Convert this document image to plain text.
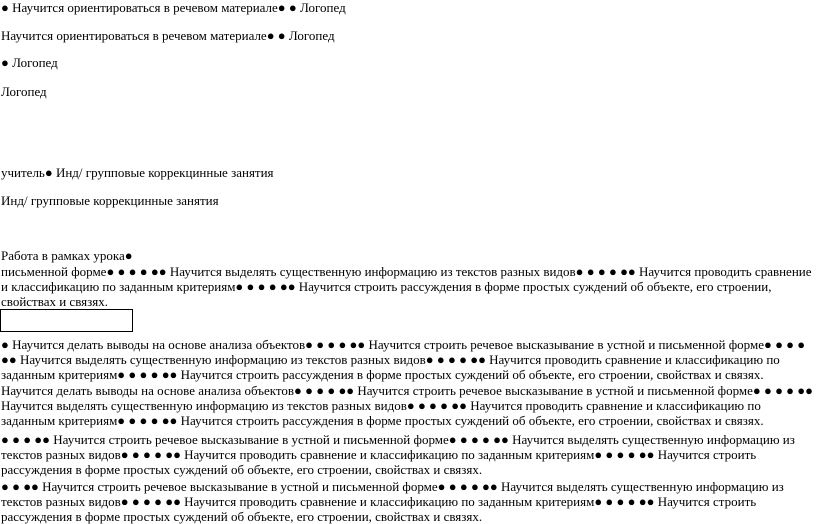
● Научится ориентироваться в речевом материале● ● Логопед
Научится ориентироваться в речевом материале● ● Логопед
● Логопед
Логопед
учитель● Инд/ групповые коррекцинные занятия
Инд/ групповые коррекцинные занятия
Работа в рамках урока●
письменной форме● ● ● ● ●● Научится выделять существенную информацию из текстов разных видов● ● ● ● ●● Научится проводить сравнение и классификацию по заданным критериям● ● ● ● ●● Научится строить рассуждения в форме простых суждений об объекте, его строении, свойствах и связях.
● Научится делать выводы на основе анализа объектов● ● ● ● ●● Научится строить речевое высказывание в устной и письменной форме● ● ● ● ●● Научится выделять существенную информацию из текстов разных видов● ● ● ● ●● Научится проводить сравнение и классификацию по заданным критериям● ● ● ● ●● Научится строить рассуждения в форме простых суждений об объекте, его строении, свойствах и связях.
Научится делать выводы на основе анализа объектов● ● ● ● ●● Научится строить речевое высказывание в устной и письменной форме● ● ● ● ●● Научится выделять существенную информацию из текстов разных видов● ● ● ● ●● Научится проводить сравнение и классификацию по заданным критериям● ● ● ● ●● Научится строить рассуждения в форме простых суждений об объекте, его строении, свойствах и связях.
● ● ● ●● Научится строить речевое высказывание в устной и письменной форме● ● ● ● ●● Научится выделять существенную информацию из текстов разных видов● ● ● ● ●● Научится проводить сравнение и классификацию по заданным критериям● ● ● ● ●● Научится строить рассуждения в форме простых суждений об объекте, его строении, свойствах и связях.
● ● ●● Научится строить речевое высказывание в устной и письменной форме● ● ● ● ●● Научится выделять существенную информацию из текстов разных видов● ● ● ● ●● Научится проводить сравнение и классификацию по заданным критериям● ● ● ● ●● Научится строить рассуждения в форме простых суждений об объекте, его строении, свойствах и связях.
